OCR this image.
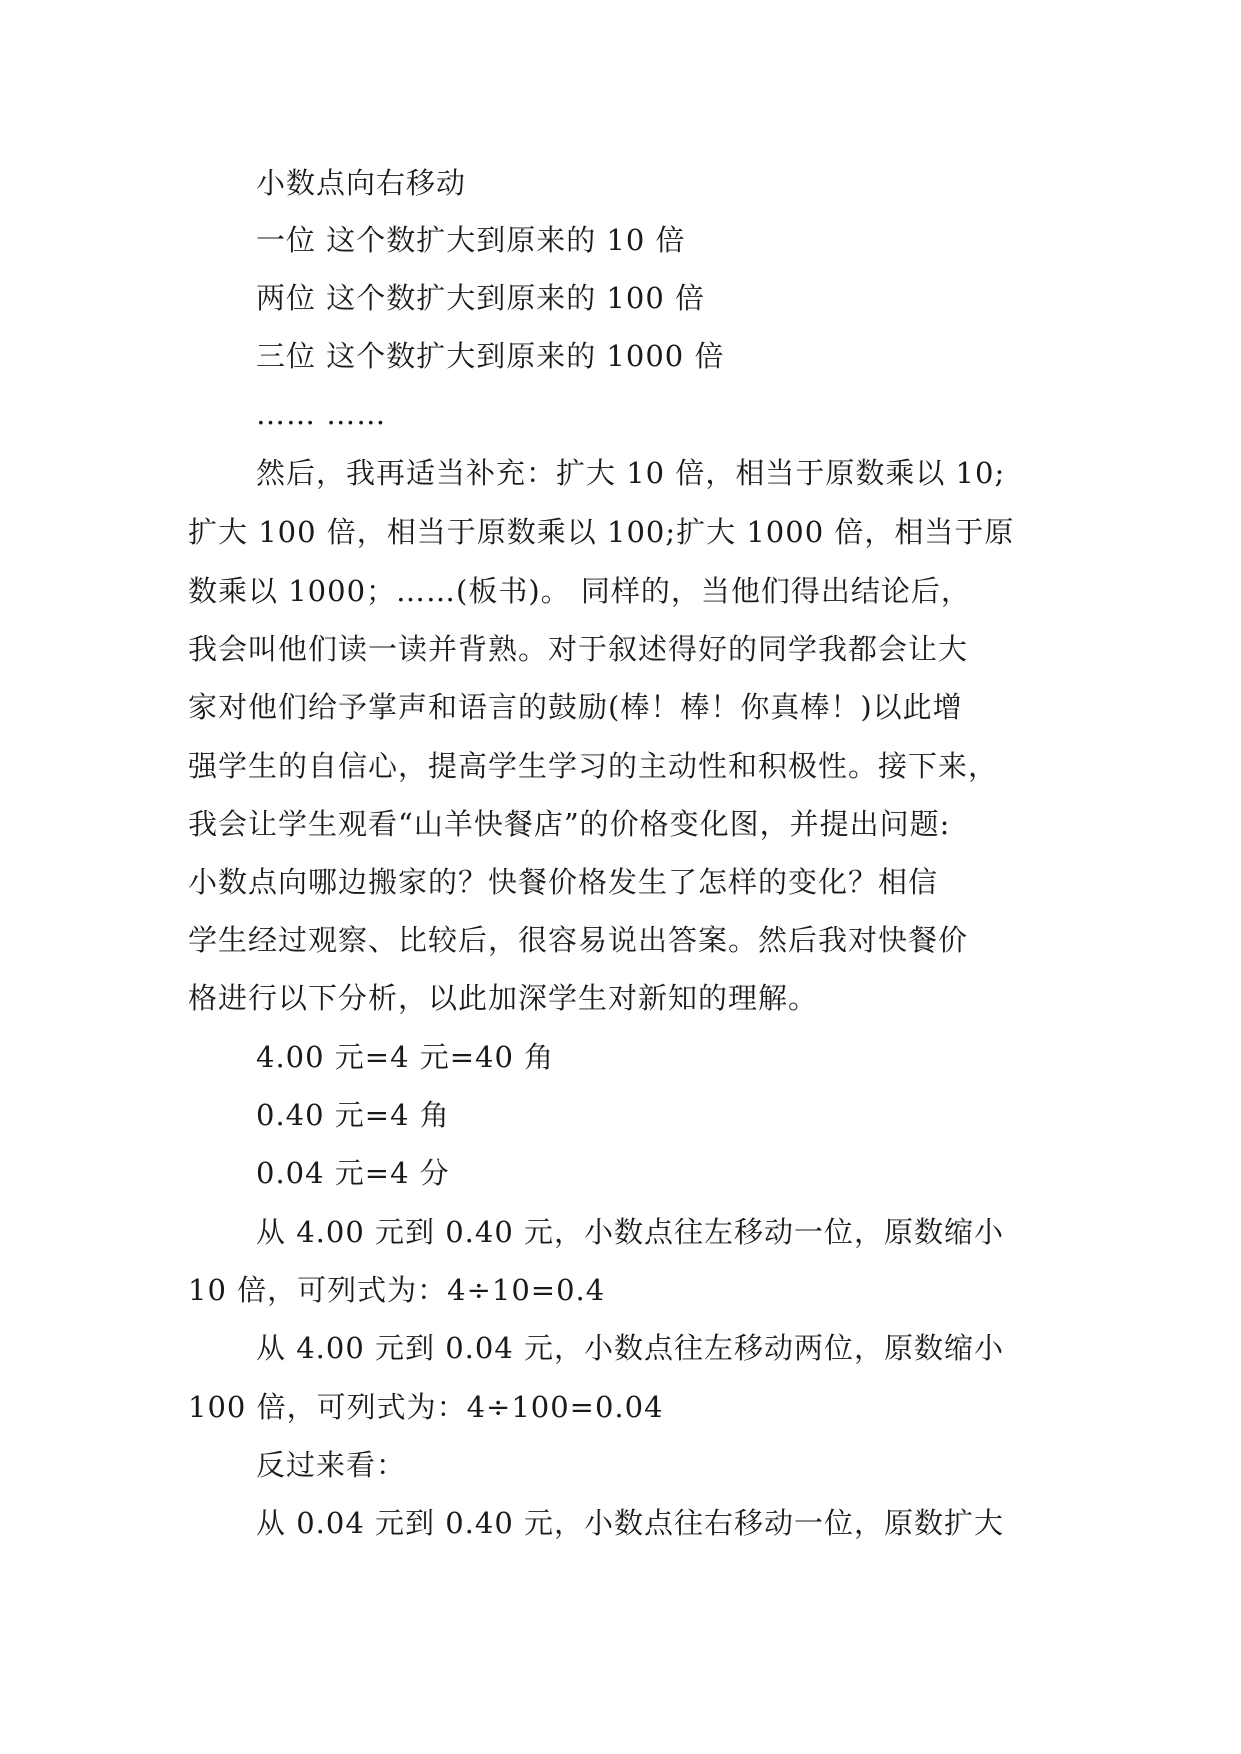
小数点向右移动
一位 这个数扩大到原来的 10 倍
两位 这个数扩大到原来的 100 倍
三位 这个数扩大到原来的 1000 倍
…… ……
然后，我再适当补充：扩大 10 倍，相当于原数乘以 10;
扩大 100 倍，相当于原数乘以 100;扩大 1000 倍，相当于原
数乘以 1000；……(板书)。 同样的，当他们得出结论后，
我会叫他们读一读并背熟。对于叙述得好的同学我都会让大
家对他们给予掌声和语言的鼓励(棒！棒！你真棒！)以此增
强学生的自信心，提高学生学习的主动性和积极性。接下来，
我会让学生观看“山羊快餐店”的价格变化图，并提出问题:
小数点向哪边搬家的？快餐价格发生了怎样的变化？相信
学生经过观察、比较后，很容易说出答案。然后我对快餐价
格进行以下分析，以此加深学生对新知的理解。
4.00 元=4 元=40 角
0.40 元=4 角
0.04 元=4 分
从 4.00 元到 0.40 元，小数点往左移动一位，原数缩小
10 倍，可列式为：4÷10=0.4
从 4.00 元到 0.04 元，小数点往左移动两位，原数缩小
100 倍，可列式为：4÷100=0.04
反过来看：
从 0.04 元到 0.40 元，小数点往右移动一位，原数扩大
